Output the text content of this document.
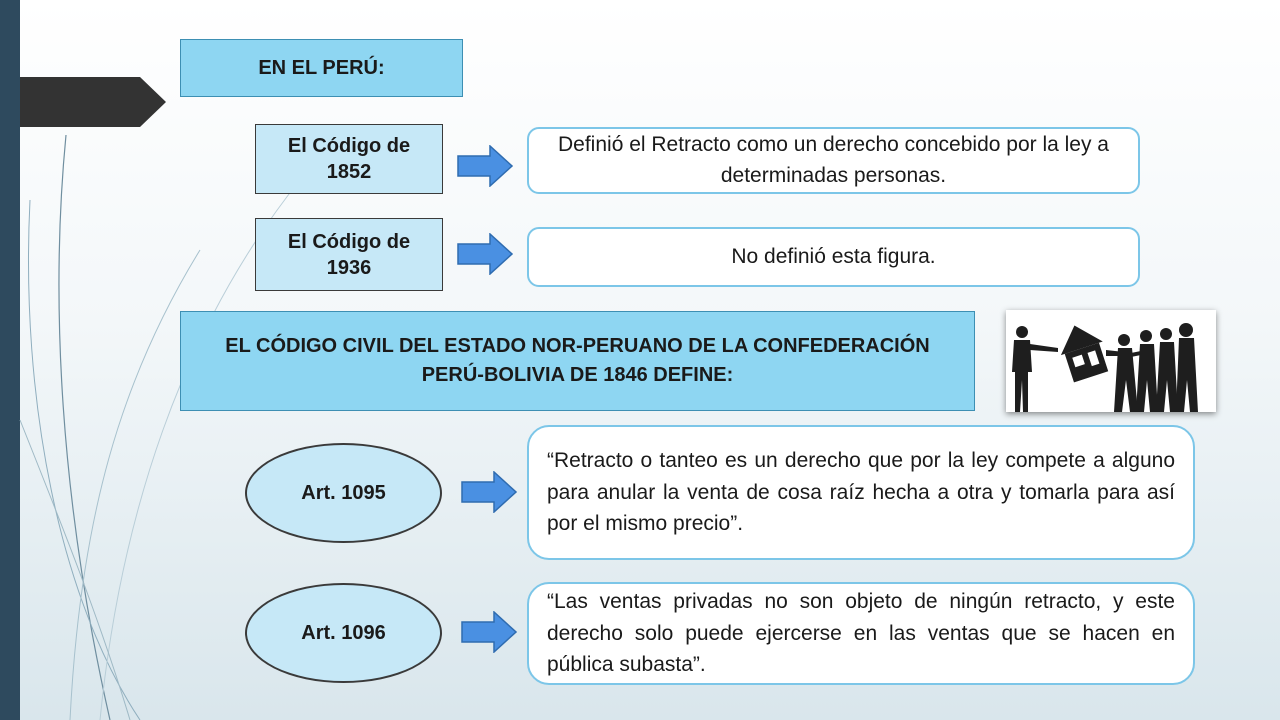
EN EL PERÚ:
El Código de 1852
Definió el Retracto como un derecho concebido por la ley a determinadas personas.
El Código de 1936	No definió esta figura.
EL CÓDIGO CIVIL DEL ESTADO NOR-PERUANO DE LA CONFEDERACIÓN PERÚ-BOLIVIA DE 1846 DEFINE:
Art. 1095
“Retracto o tanteo es un derecho que por la ley compete a alguno para anular la venta de cosa raíz hecha a otra y tomarla para así por el mismo precio”.
Art. 1096
“Las ventas privadas no son objeto de ningún retracto, y este derecho solo puede ejercerse en las ventas que se hacen en pública subasta”.
